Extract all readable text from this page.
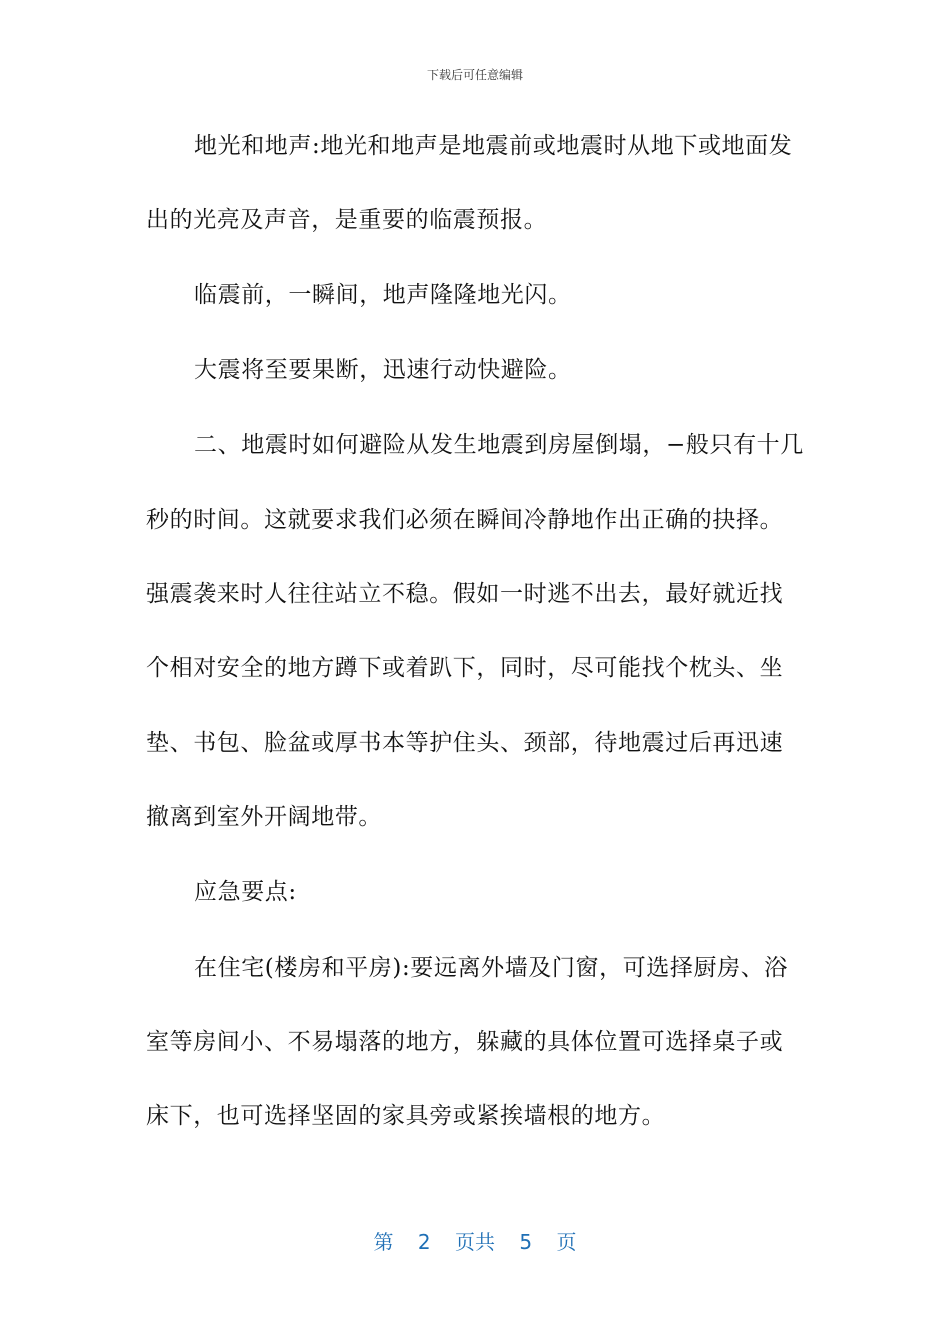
下载后可任意编辑
地光和地声:地光和地声是地震前或地震时从地下或地面发
出的光亮及声音，是重要的临震预报。
临震前，一瞬间，地声隆隆地光闪。
大震将至要果断，迅速行动快避险。
二、地震时如何避险从发生地震到房屋倒塌，−般只有十几
秒的时间。这就要求我们必须在瞬间冷静地作出正确的抉择。
强震袭来时人往往站立不稳。假如一时逃不出去，最好就近找
个相对安全的地方蹲下或着趴下，同时，尽可能找个枕头、坐
垫、书包、脸盆或厚书本等护住头、颈部，待地震过后再迅速
撤离到室外开阔地带。
应急要点:
在住宅(楼房和平房):要远离外墙及门窗，可选择厨房、浴
室等房间小、不易塌落的地方，躲藏的具体位置可选择桌子或
床下，也可选择坚固的家具旁或紧挨墙根的地方。
第 2 页共 5 页
